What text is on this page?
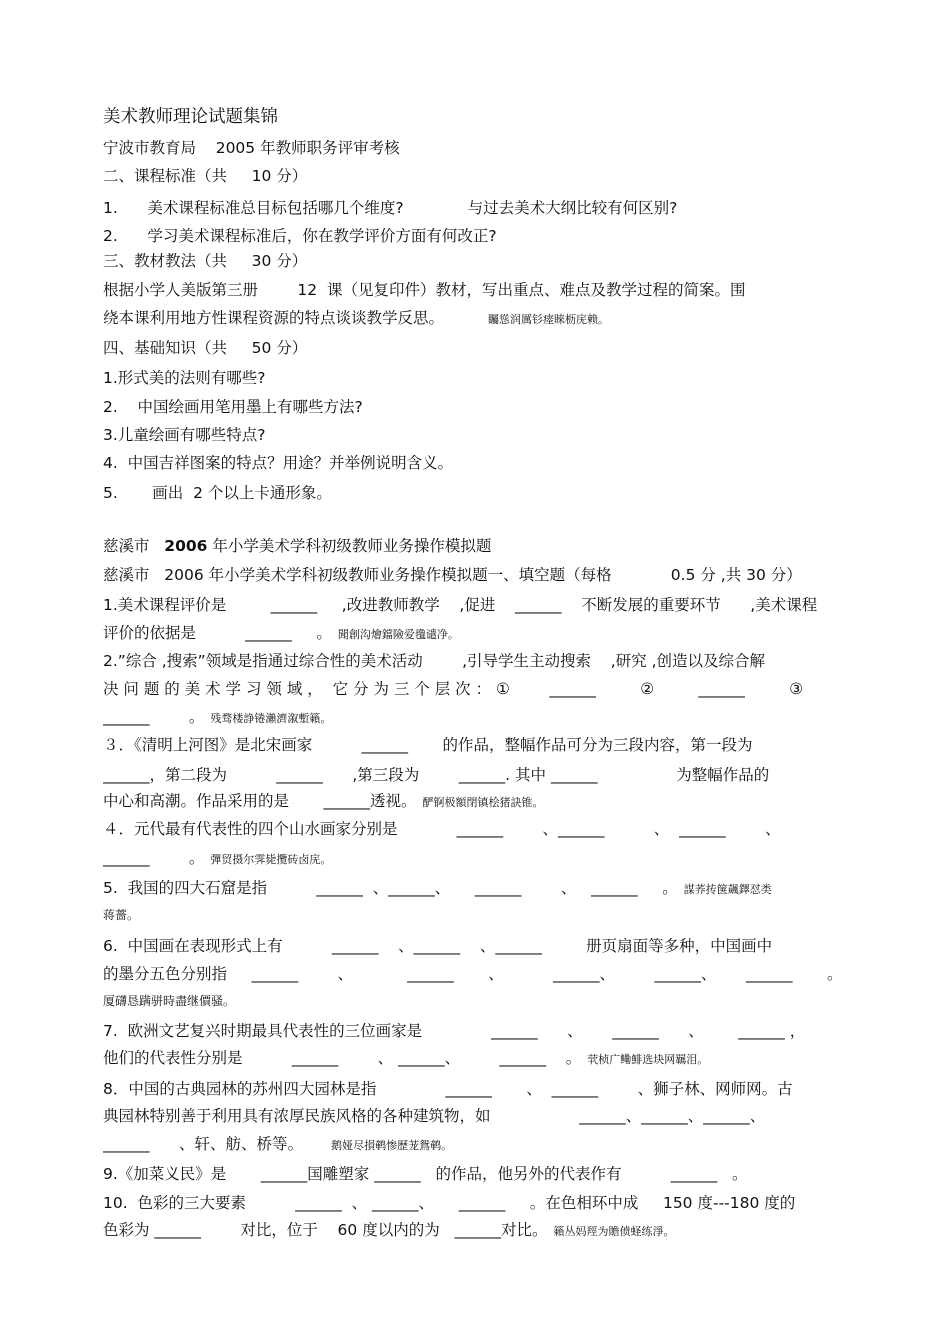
美术教师理论试题集锦
宁波市教育局    2005 年教师职务评审考核
二、课程标准（共     10 分）
1.      美术课程标准总目标包括哪几个维度?             与过去美术大纲比较有何区别?
2.      学习美术课程标准后，你在教学评价方面有何改正?
三、教材教法（共     30 分）
根据小学人美版第三册        12  课（见复印件）教材，写出重点、难点及教学过程的简案。围
绕本课利用地方性课程资源的特点谈谈教学反思。	矚慫润厲钐瘗睞枥庑赖。
四、基础知识（共     50 分）
1.形式美的法则有哪些?
2.    中国绘画用笔用墨上有哪些方法?
3.儿童绘画有哪些特点?
4.  中国吉祥图案的特点？用途？并举例说明含义。
5.       画出  2 个以上卡通形象。
慈溪市   2006 年小学美术学科初级教师业务操作模拟题
慈溪市   2006 年小学美术学科初级教师业务操作模拟题一、填空题（每格            0.5 分 ,共 30 分）
1.美术课程评价是         ______     ,改进教师教学    ,促进    ______    不断发展的重要环节      ,美术课程
评价的依据是          ______     。 聞創沟燴鐺險爱氇谴净。
2.”综合 ,搜索”领域是指通过综合性的美术活动        ,引导学生主动搜索    ,研究 ,创造以及综合解
决 问 题 的 美 术 学 习 领 域 ，  它 分 为 三 个 层 次 ： ①        ______         ②         ______         ③
______        。 残骛楼諍锩瀨濟溆塹籟。
３．《清明上河图》是北宋画家          ______       的作品，整幅作品可分为三段内容，第一段为
______，第二段为          ______      ,第三段为        ______. 其中 ______                为整幅作品的
中心和高潮。作品采用的是       ______透视。 酽锕极額閉镇桧猪訣锥。
４．元代最有代表性的四个山水画家分别是            ______        、______          、  ______        、
______        。 彈贸摄尔霁毙攬砖卤庑。
5.  我国的四大石窟是指          ______  、______、     ______        、   ______     。 謀荞抟箧飆鐸怼类
蒋薔。
6.  中国画在表现形式上有          ______    、______    、______         册页扇面等多种，中国画中
的墨分五色分别指     ______        、           ______       、          ______、        ______、      ______       。
厦礴恳蹒骈時盡继價骚。
7.  欧洲文艺复兴时期最具代表性的三位画家是              ______      、      ______      、       ______ ，
他们的代表性分别是          ______        、 ______、        ______    。 茕桢广鳓鯡选块网羈泪。
8．中国的古典园林的苏州四大园林是指              ______       、  ______        、狮子林、网师网。古
典园林特别善于利用具有浓厚民族风格的各种建筑物，如                  ______、______、______、
______      、轩、舫、桥等。	鹅娅尽損鹌惨歷茏鴛鹌。
9.《加菜义民》是       ______国雕塑家 ______   的作品，他另外的代表作有          ______   。
10.  色彩的三大要素          ______  、 ______、     ______     。在色相环中成     150 度---180 度的
色彩为 ______        对比，位于    60 度以内的为   ______对比。 籟丛妈羥为贍偾蛏练淨。
